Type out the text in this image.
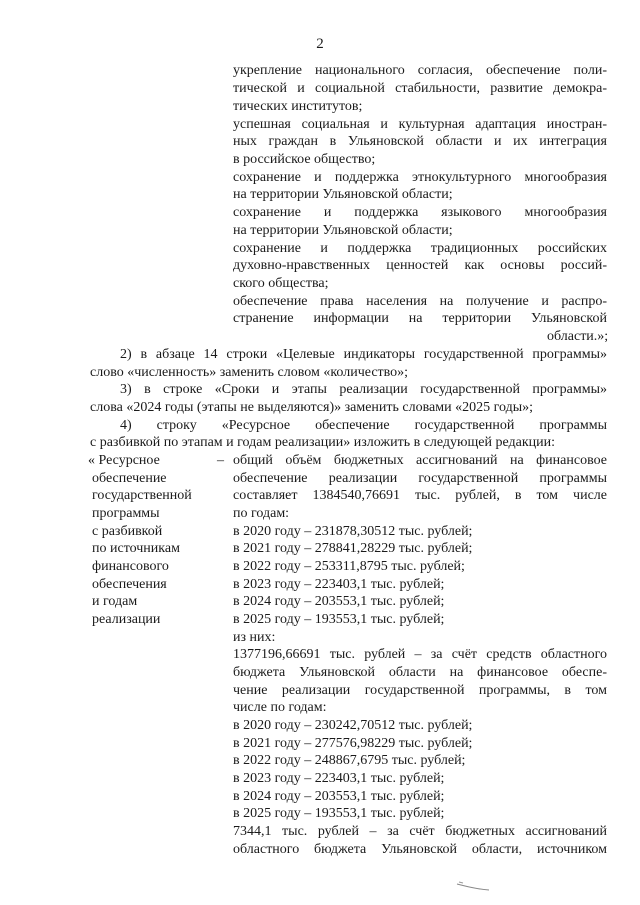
2
укрепление национального согласия, обеспечение поли-
тической и социальной стабильности, развитие демокра-
тических институтов;
успешная социальная и культурная адаптация иностран-
ных граждан в Ульяновской области и их интеграция
в российское общество;
сохранение и поддержка этнокультурного многообразия
на территории Ульяновской области;
сохранение и поддержка языкового многообразия
на территории Ульяновской области;
сохранение и поддержка традиционных российских
духовно-нравственных ценностей как основы россий-
ского общества;
обеспечение права населения на получение и распро-
странение информации на территории Ульяновской
области.»;
2) в абзаце 14 строки «Целевые индикаторы государственной программы»
слово «численность» заменить словом «количество»;
3) в строке «Сроки и этапы реализации государственной программы»
слова «2024 годы (этапы не выделяются)» заменить словами «2025 годы»;
4) строку «Ресурсное обеспечение государственной программы
с разбивкой по этапам и годам реализации» изложить в следующей редакции:
« Ресурсное
обеспечение
государственной
программы
с разбивкой
по источникам
финансового
обеспечения
и годам
реализации
– общий объём бюджетных ассигнований на финансовое
обеспечение реализации государственной программы
составляет 1384540,76691 тыс. рублей, в том числе
по годам:
в 2020 году – 231878,30512 тыс. рублей;
в 2021 году – 278841,28229 тыс. рублей;
в 2022 году – 253311,8795 тыс. рублей;
в 2023 году – 223403,1 тыс. рублей;
в 2024 году – 203553,1 тыс. рублей;
в 2025 году – 193553,1 тыс. рублей;
из них:
1377196,66691 тыс. рублей – за счёт средств областного
бюджета Ульяновской области на финансовое обеспе-
чение реализации государственной программы, в том
числе по годам:
в 2020 году – 230242,70512 тыс. рублей;
в 2021 году – 277576,98229 тыс. рублей;
в 2022 году – 248867,6795 тыс. рублей;
в 2023 году – 223403,1 тыс. рублей;
в 2024 году – 203553,1 тыс. рублей;
в 2025 году – 193553,1 тыс. рублей;
7344,1 тыс. рублей – за счёт бюджетных ассигнований
областного бюджета Ульяновской области, источником
